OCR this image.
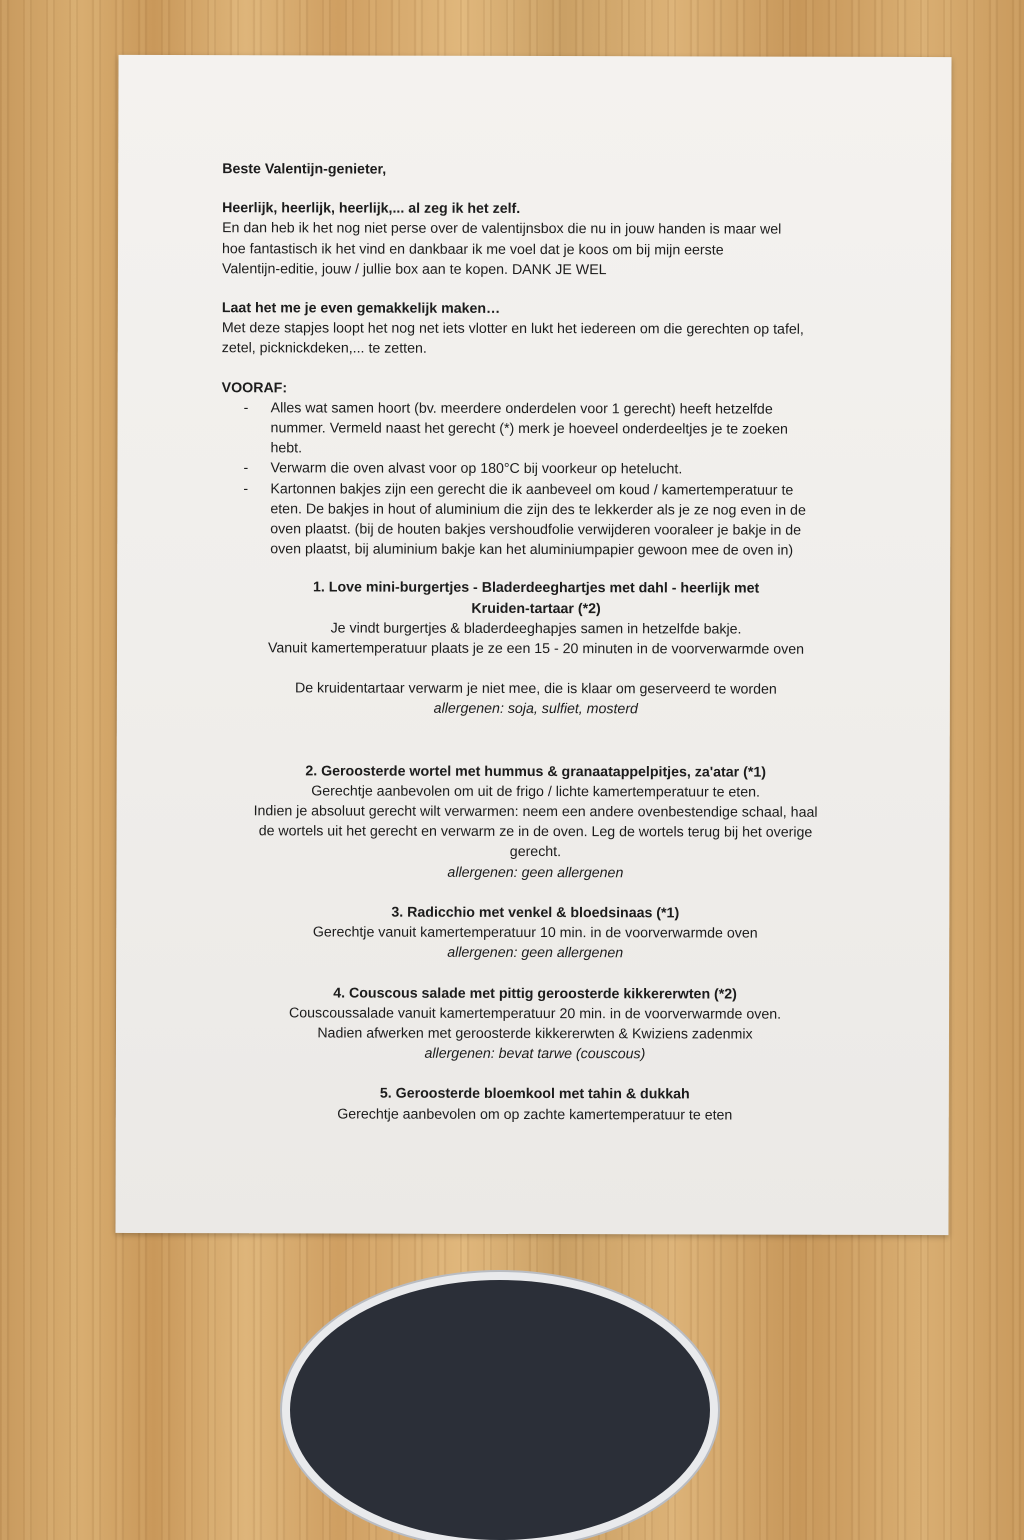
Beste Valentijn-genieter,

Heerlijk, heerlijk, heerlijk,... al zeg ik het zelf.

En dan heb ik het nog niet perse over de valentijnsbox die nu in jouw handen is maar wel

hoe fantastisch ik het vind en dankbaar ik me voel dat je koos om bij mijn eerste

Valentijn-editie, jouw / jullie box aan te kopen. DANK JE WEL

Laat het me je even gemakkelijk maken…

Met deze stapjes loopt het nog net iets vlotter en lukt het iedereen om die gerechten op tafel,

zetel, picknickdeken,... te zetten.

VOORAF:

- Alles wat samen hoort (bv. meerdere onderdelen voor 1 gerecht) heeft hetzelfde
nummer. Vermeld naast het gerecht (*) merk je hoeveel onderdeeltjes je te zoeken
hebt.
- Verwarm die oven alvast voor op 180°C bij voorkeur op hetelucht.
- Kartonnen bakjes zijn een gerecht die ik aanbeveel om koud / kamertemperatuur te
eten. De bakjes in hout of aluminium die zijn des te lekkerder als je ze nog even in de
oven plaatst. (bij de houten bakjes vershoudfolie verwijderen vooraleer je bakje in de
oven plaatst, bij aluminium bakje kan het aluminiumpapier gewoon mee de oven in)

1. Love mini-burgertjes - Bladerdeeghartjes met dahl - heerlijk met

Kruiden-tartaar (*2)

Je vindt burgertjes & bladerdeeghapjes samen in hetzelfde bakje.

Vanuit kamertemperatuur plaats je ze een 15 - 20 minuten in de voorverwarmde oven

De kruidentartaar verwarm je niet mee, die is klaar om geserveerd te worden

allergenen: soja, sulfiet, mosterd

2. Geroosterde wortel met hummus & granaatappelpitjes, za'atar (*1)

Gerechtje aanbevolen om uit de frigo / lichte kamertemperatuur te eten.

Indien je absoluut gerecht wilt verwarmen: neem een andere ovenbestendige schaal, haal

de wortels uit het gerecht en verwarm ze in de oven. Leg de wortels terug bij het overige

gerecht.

allergenen: geen allergenen

3. Radicchio met venkel & bloedsinaas (*1)

Gerechtje vanuit kamertemperatuur 10 min. in de voorverwarmde oven

allergenen: geen allergenen

4. Couscous salade met pittig geroosterde kikkererwten (*2)

Couscoussalade vanuit kamertemperatuur 20 min. in de voorverwarmde oven.

Nadien afwerken met geroosterde kikkererwten & Kwiziens zadenmix

allergenen: bevat tarwe (couscous)

5. Geroosterde bloemkool met tahin & dukkah

Gerechtje aanbevolen om op zachte kamertemperatuur te eten
